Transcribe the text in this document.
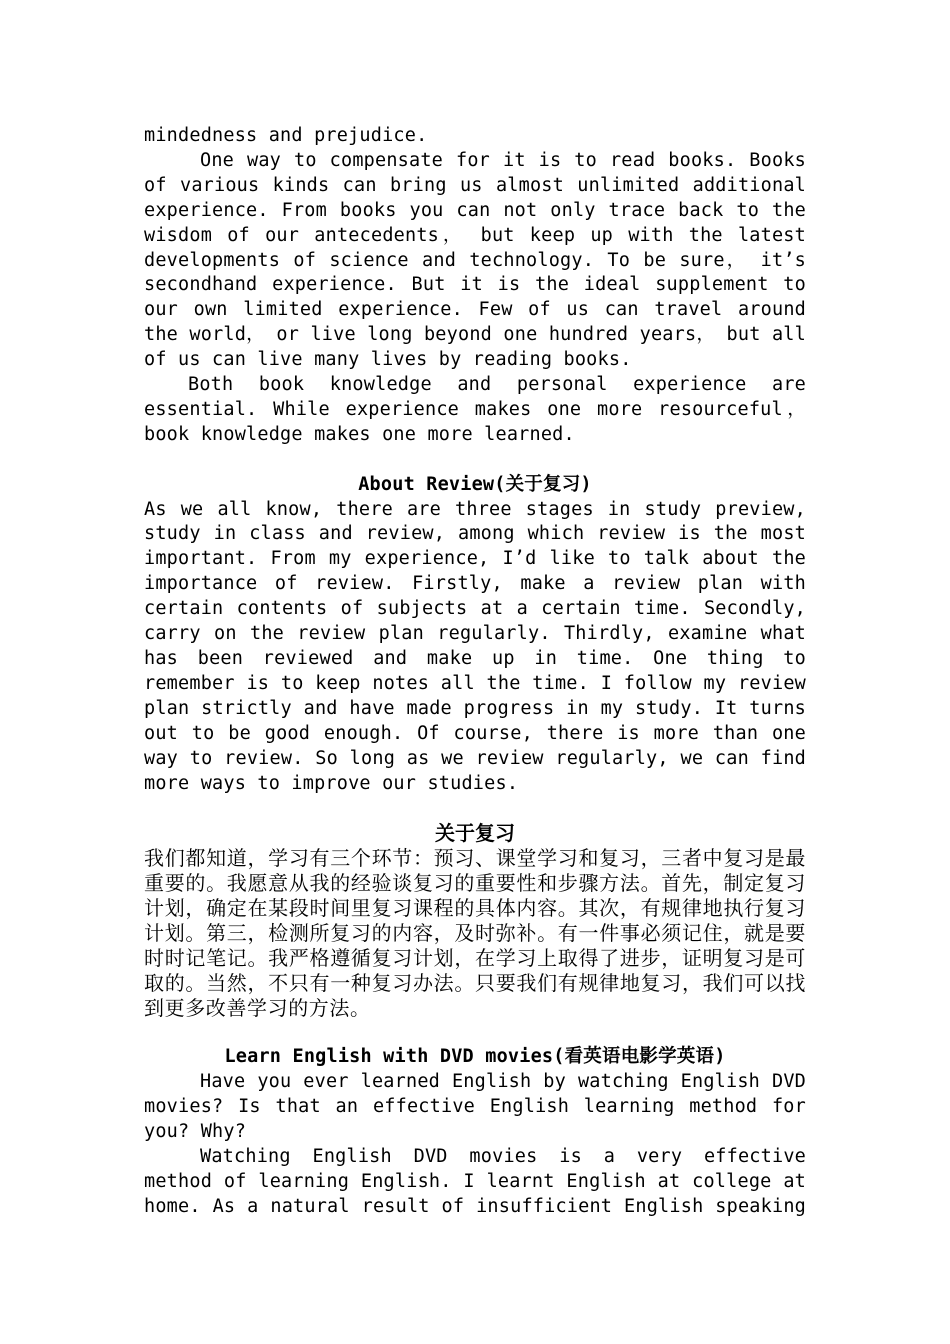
mindedness and prejudice.

One way to compensate for it is to read books. Books of various kinds can bring us almost unlimited additional experience. From books you can not only trace back to the wisdom of our antecedents， but keep up with the latest developments of science and technology. To be sure， it’s secondhand experience. But it is the ideal supplement to our own limited experience. Few of us can travel around the world， or live long beyond one hundred years， but all of us can live many lives by reading books.

Both book knowledge and personal experience are essential. While experience makes one more resourceful，book knowledge makes one more learned.

About Review(关于复习)

As we all know, there are three stages in study preview, study in class and review, among which review is the most important. From my experience, I’d like to talk about the importance of review. Firstly, make a review plan with certain contents of subjects at a certain time. Secondly, carry on the review plan regularly. Thirdly, examine what has been reviewed and make up in time. One thing to remember is to keep notes all the time. I follow my review plan strictly and have made progress in my study. It turns out to be good enough. Of course, there is more than one way to review. So long as we review regularly, we can find more ways to improve our studies.

关于复习

我们都知道，学习有三个环节：预习、课堂学习和复习，三者中复习是最重要的。我愿意从我的经验谈复习的重要性和步骤方法。首先，制定复习计划，确定在某段时间里复习课程的具体内容。其次，有规律地执行复习计划。第三，检测所复习的内容，及时弥补。有一件事必须记住，就是要时时记笔记。我严格遵循复习计划，在学习上取得了进步，证明复习是可取的。当然，不只有一种复习办法。只要我们有规律地复习，我们可以找到更多改善学习的方法。

Learn English with DVD movies(看英语电影学英语)

Have you ever learned English by watching English DVD movies? Is that an effective English learning method for you? Why?

Watching English DVD movies is a very effective method of learning English. I learnt English at college at home. As a natural result of insufficient English speaking
